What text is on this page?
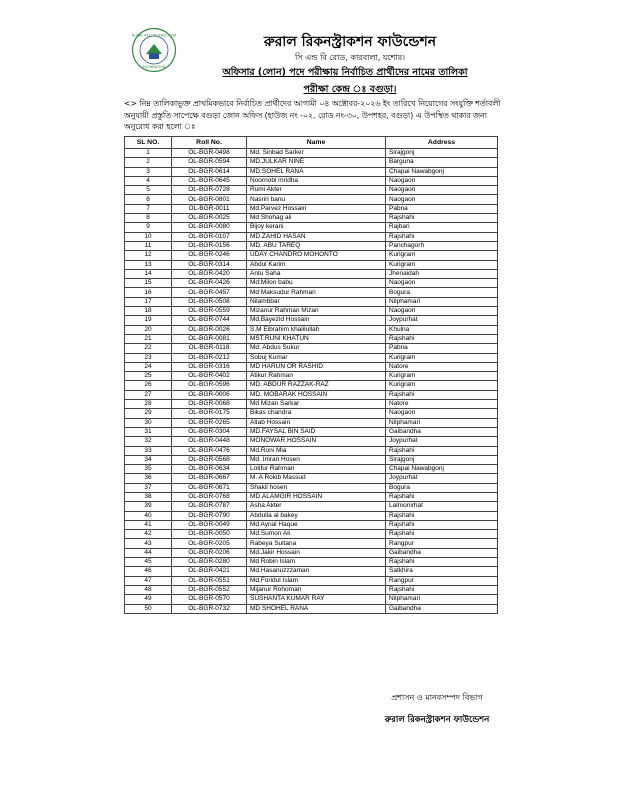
RURAL RECONSTRUCTION
FOUNDATION
রুরাল রিকনস্ট্রাকশন ফাউন্ডেশন
সি এন্ড বি রোড, কারবালা, যশোর।
অফিসার (লোন) পদে পরীক্ষায় নির্বাচিত প্রার্থীদের নামের তালিকা
পরীক্ষা কেন্দ্র ঃ বগুড়া।
<> নিম্ন তালিকাভূক্ত প্রাথমিকভাবে নির্বাচিত প্রার্থীদের আগামী ০৪ অক্টোবর-২০২৬ ইং তারিখে নিয়োগের সংযুক্তি শর্তাবলী অনুযায়ী প্রস্তুতি সাপেক্ষে বগুড়া জোন অফিস (হাউজ নং -০২, রোড নং-৩০, উপশহর, বগুড়া) এ উপস্থিত থাকার জন্য অনুরোধ করা হলো ঃ
SL NO.	Roll No.	Name	Address
1	OL-BGR-0498	Md. Sinbad Sarker	Sirajgonj
2	OL-BGR-0594	MD.JULKAR NINE	Barguna
3	OL-BGR-0614	MD.SOHEL RANA	Chapai Nawabgonj
4	OL-BGR-0645	Noornobi mridha	Naogaon
5	OL-BGR-0728	Rumi Akter	Naogaon
6	OL-BGR-0801	Nasrin banu	Naogaon
7	OL-BGR-0011	Md.Parvez Hossain	Pabna
8	OL-BGR-0025	Md Shohag ali	Rajshahi
9	OL-BGR-0080	Bijoy kerani	Rajbari
10	OL-BGR-0107	MD.ZAHID HASAN	Rajshahi
11	OL-BGR-0156	MD. ABU TAREQ	Panchagorh
12	OL-BGR-0246	UDAY CHANDRO MOHONTO	Kurigram
13	OL-BGR-0314	Abdul Karim	Kurigram
14	OL-BGR-0420	Antu Saha	Jhenaidah
15	OL-BGR-0426	Md:Milon babu	Naogaon
16	OL-BGR-0457	Md Maksudur Rahman	Bogura
17	OL-BGR-0508	Nilambbar	Nilphamari
18	OL-BGR-0559	Mizanur Rahman Mizan	Naogaon
19	OL-BGR-0744	Md.Bayezid Hossain	Joypurhat
20	OL-BGR-0026	S.M Eibrahim khalilullah	Khulna
21	OL-BGR-0081	MST.RUNI KHATUN	Rajshahi
22	OL-BGR-0118	Md. Abdus Sukur	Pabna
23	OL-BGR-0212	Sobuj Kumar	Kurigram
24	OL-BGR-0316	MD HARUN OR RASHID	Natore
25	OL-BGR-0402	Atikur Rahman	Kurigram
26	OL-BGR-0596	MD. ABDUR RAZZAK-RAZ	Kurigram
27	OL-BGR-0006	MD. MOBARAK HOSSAIN	Rajshahi
28	OL-BGR-0068	Md Mizan Sarkar	Natore
29	OL-BGR-0175	Bikas chandra	Naogaon
30	OL-BGR-0265	Altab Hossain	Nilphamari
31	OL-BGR-0304	MD.FAYSAL BIN SAID	Gaibandha
32	OL-BGR-0448	MONOWAR HOSSAIN	Joypurhat
33	OL-BGR-0476	Md.Roni Mia	Rajshahi
34	OL-BGR-0568	Md. Imran Hosen	Sirajgonj
35	OL-BGR-0634	Lotifur Rahman	Chapai Nawabgonj
36	OL-BGR-0667	M. A Rokib Massud	Joypurhat
37	OL-BGR-0671	Shakil hosen	Bogura
38	OL-BGR-0768	MD.ALAMGIR HOSSAIN	Rajshahi
39	OL-BGR-0787	Asha Akter	Lalmonirhat
40	OL-BGR-0790	Abdulla al bakey	Rajshahi
41	OL-BGR-0049	Md Aynal Haque	Rajshahi
42	OL-BGR-0050	Md.Sumon Ali	Rajshahi
43	OL-BGR-0205	Rabeya Sultana	Rangpur
44	OL-BGR-0206	Md.Jakir Hossain	Gaibandha
45	OL-BGR-0280	Md Robin Islam	Rajshahi
46	OL-BGR-0421	Md.Hasanuzzzaman	Satkhira
47	OL-BGR-0551	Md.Foridul Islam	Rangpur
48	OL-BGR-0552	Mijanur Rohoman	Rajshahi
49	OL-BGR-0570	SUSHANTA KUMAR RAY	Nilphamari
50	OL-BGR-0732	MD SHOHEL RANA	Gaibandha
প্রশাসন ও মানবসম্পদ বিভাগ
রুরাল রিকনস্ট্রাকশন ফাউন্ডেশন
